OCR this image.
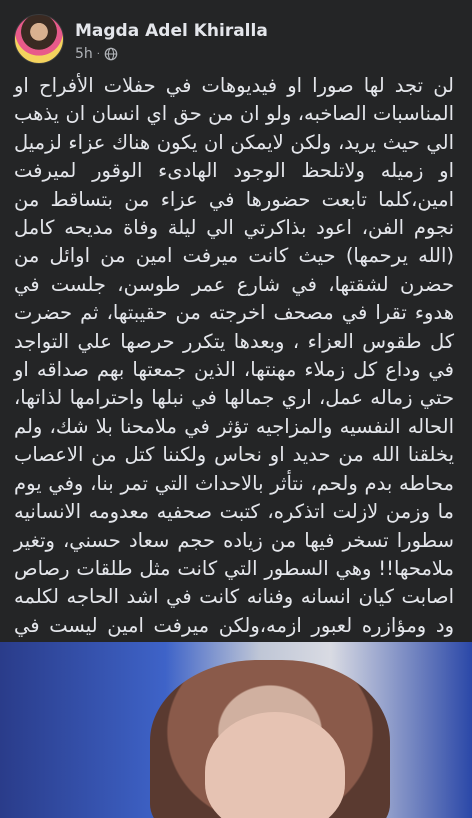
Magda Adel Khiralla
5h ·
لن تجد لها صورا او فيديوهات في حفلات الأفراح او المناسبات الصاخبه، ولو ان من حق اي انسان ان يذهب الي حيث يريد، ولكن لايمكن ان يكون هناك عزاء لزميل او زميله ولاتلحظ الوجود الهادىء الوقور لميرفت امين،كلما تابعت حضورها في عزاء من بتساقط من نجوم الفن، اعود بذاكرتي الي ليلة وفاة مديحه كامل (الله يرحمها) حيث كانت ميرفت امين من اوائل من حضرن لشقتها، في شارع عمر طوسن، جلست في هدوء تقرا في مصحف اخرجته من حقيبتها، ثم حضرت كل طقوس العزاء ، وبعدها يتكرر حرصها علي التواجد في وداع كل زملاء مهنتها، الذين جمعتها بهم صداقه او حتي زماله عمل، اري جمالها في نبلها واحترامها لذاتها، الحاله النفسيه والمزاجيه تؤثر في ملامحنا بلا شك، ولم يخلقنا الله من حديد او نحاس ولكننا كتل من الاعصاب محاطه بدم ولحم، نتأثر بالاحداث التي تمر بنا، وفي يوم ما وزمن لازلت اتذكره، كتبت صحفيه معدومه الانسانيه سطورا تسخر فيها من زياده حجم سعاد حسني، وتغير ملامحها!! وهي السطور التي كانت مثل طلقات رصاص اصابت كيان انسانه وفنانه كانت في اشد الحاجه لكلمه ود ومؤازره لعبور ازمه،ولكن ميرفت امين ليست في
